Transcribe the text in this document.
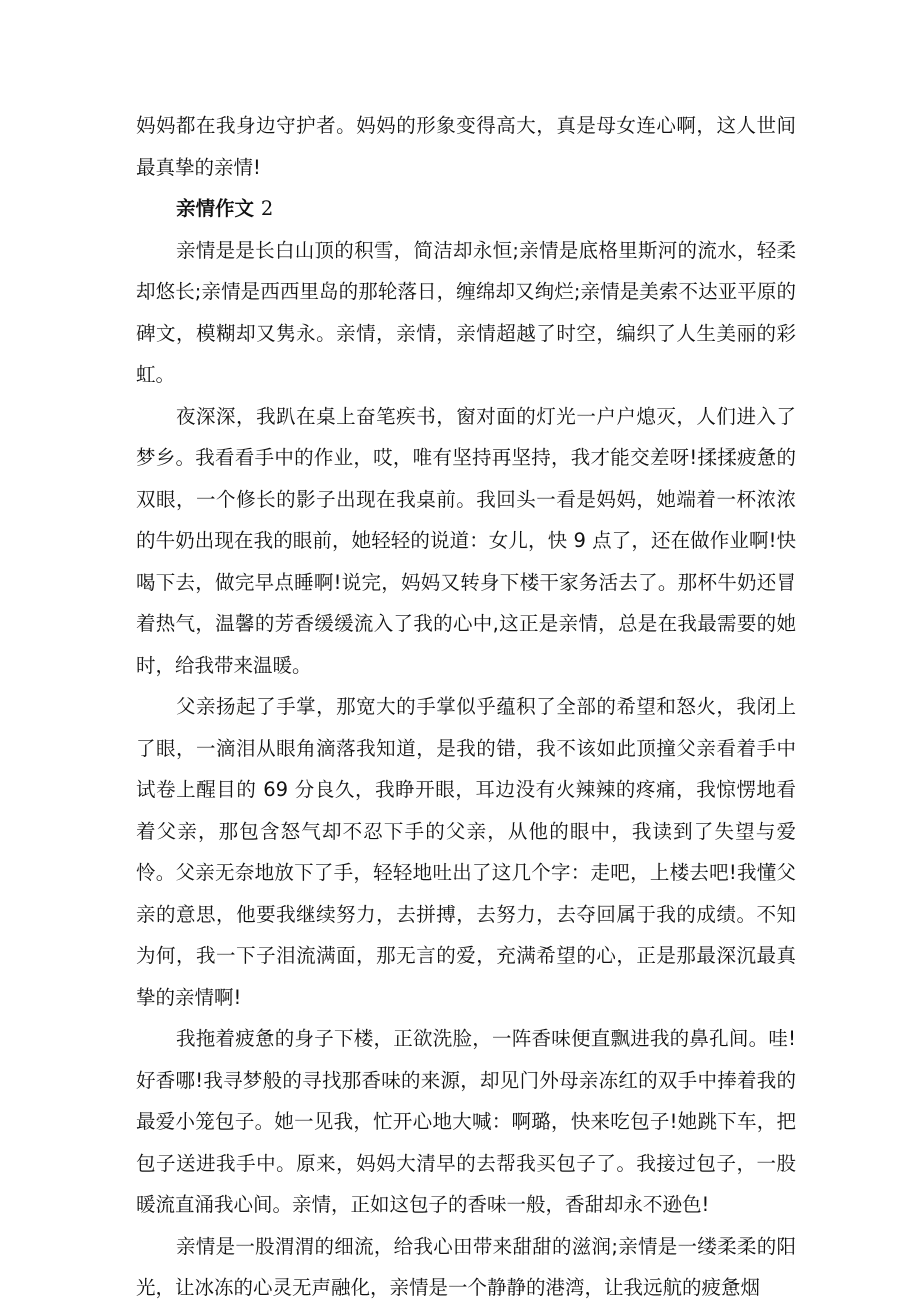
妈妈都在我身边守护者。妈妈的形象变得高大，真是母女连心啊，这人世间最真挚的亲情!

亲情作文 2

亲情是是长白山顶的积雪，简洁却永恒;亲情是底格里斯河的流水，轻柔却悠长;亲情是西西里岛的那轮落日，缠绵却又绚烂;亲情是美索不达亚平原的碑文，模糊却又隽永。亲情，亲情，亲情超越了时空，编织了人生美丽的彩虹。

夜深深，我趴在桌上奋笔疾书，窗对面的灯光一户户熄灭，人们进入了梦乡。我看看手中的作业，哎，唯有坚持再坚持，我才能交差呀!揉揉疲惫的双眼，一个修长的影子出现在我桌前。我回头一看是妈妈，她端着一杯浓浓的牛奶出现在我的眼前，她轻轻的说道：女儿，快 9 点了，还在做作业啊!快喝下去，做完早点睡啊!说完，妈妈又转身下楼干家务活去了。那杯牛奶还冒着热气，温馨的芳香缓缓流入了我的心中,这正是亲情，总是在我最需要的她时，给我带来温暖。

父亲扬起了手掌，那宽大的手掌似乎蕴积了全部的希望和怒火，我闭上了眼，一滴泪从眼角滴落我知道，是我的错，我不该如此顶撞父亲看着手中试卷上醒目的 69 分良久，我睁开眼，耳边没有火辣辣的疼痛，我惊愣地看着父亲，那包含怒气却不忍下手的父亲，从他的眼中，我读到了失望与爱怜。父亲无奈地放下了手，轻轻地吐出了这几个字：走吧，上楼去吧!我懂父亲的意思，他要我继续努力，去拼搏，去努力，去夺回属于我的成绩。不知为何，我一下子泪流满面，那无言的爱，充满希望的心，正是那最深沉最真挚的亲情啊!

我拖着疲惫的身子下楼，正欲洗脸，一阵香味便直飘进我的鼻孔间。哇!好香哪!我寻梦般的寻找那香味的来源，却见门外母亲冻红的双手中捧着我的最爱小笼包子。她一见我，忙开心地大喊：啊璐，快来吃包子!她跳下车，把包子送进我手中。原来，妈妈大清早的去帮我买包子了。我接过包子，一股暖流直涌我心间。亲情，正如这包子的香味一般，香甜却永不逊色!

亲情是一股渭渭的细流，给我心田带来甜甜的滋润;亲情是一缕柔柔的阳光，让冰冻的心灵无声融化，亲情是一个静静的港湾，让我远航的疲惫烟
